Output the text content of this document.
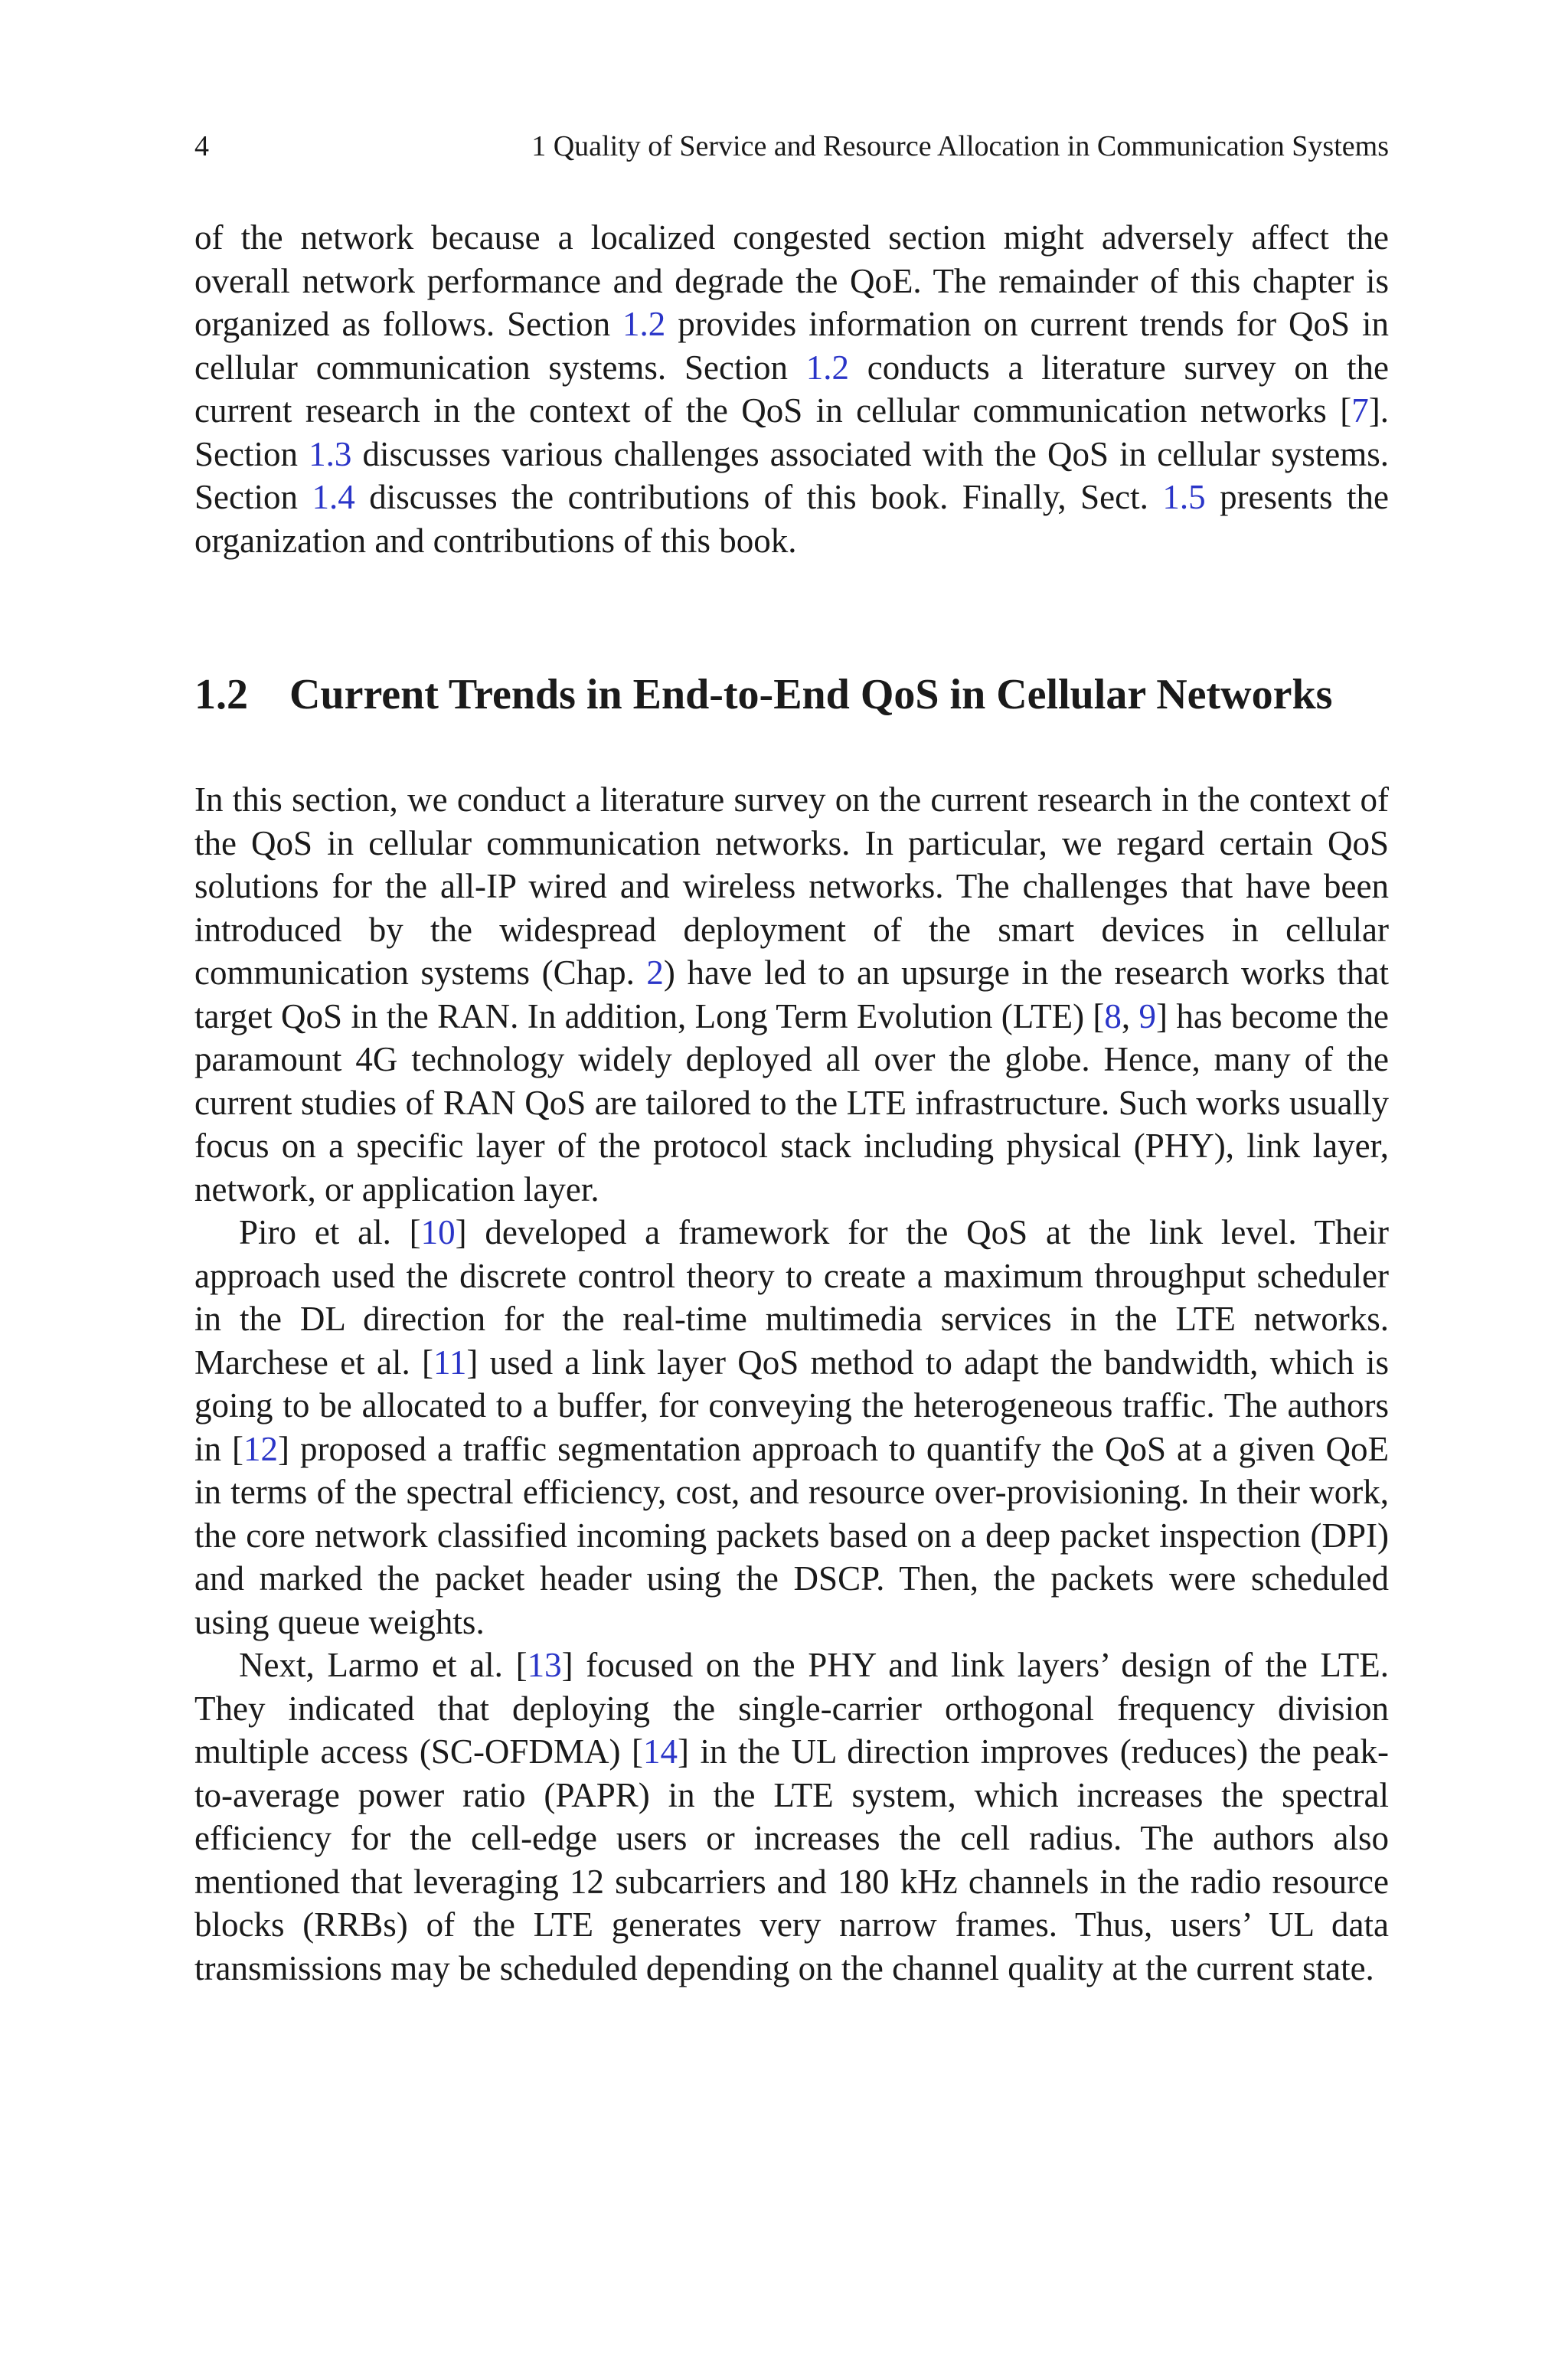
4	1 Quality of Service and Resource Allocation in Communication Systems

of the network because a localized congested section might adversely affect the overall network performance and degrade the QoE. The remainder of this chapter is organized as follows. Section 1.2 provides information on current trends for QoS in cellular communication systems. Section 1.2 conducts a literature survey on the current research in the context of the QoS in cellular communication networks [7]. Section 1.3 discusses various challenges associated with the QoS in cellular systems. Section 1.4 discusses the contributions of this book. Finally, Sect. 1.5 presents the organization and contributions of this book.

1.2 Current Trends in End-to-End QoS in Cellular Networks

In this section, we conduct a literature survey on the current research in the context of the QoS in cellular communication networks. In particular, we regard certain QoS solutions for the all-IP wired and wireless networks. The challenges that have been introduced by the widespread deployment of the smart devices in cellular communication systems (Chap. 2) have led to an upsurge in the research works that target QoS in the RAN. In addition, Long Term Evolution (LTE) [8, 9] has become the paramount 4G technology widely deployed all over the globe. Hence, many of the current studies of RAN QoS are tailored to the LTE infrastructure. Such works usually focus on a specific layer of the protocol stack including physical (PHY), link layer, network, or application layer.

Piro et al. [10] developed a framework for the QoS at the link level. Their approach used the discrete control theory to create a maximum throughput scheduler in the DL direction for the real-time multimedia services in the LTE networks. Marchese et al. [11] used a link layer QoS method to adapt the bandwidth, which is going to be allocated to a buffer, for conveying the heterogeneous traffic. The authors in [12] proposed a traffic segmentation approach to quantify the QoS at a given QoE in terms of the spectral efficiency, cost, and resource over-provisioning. In their work, the core network classified incoming packets based on a deep packet inspection (DPI) and marked the packet header using the DSCP. Then, the packets were scheduled using queue weights.

Next, Larmo et al. [13] focused on the PHY and link layers’ design of the LTE. They indicated that deploying the single-carrier orthogonal frequency division multiple access (SC-OFDMA) [14] in the UL direction improves (reduces) the peak-to-average power ratio (PAPR) in the LTE system, which increases the spectral efficiency for the cell-edge users or increases the cell radius. The authors also mentioned that leveraging 12 subcarriers and 180 kHz channels in the radio resource blocks (RRBs) of the LTE generates very narrow frames. Thus, users’ UL data transmissions may be scheduled depending on the channel quality at the current state.
